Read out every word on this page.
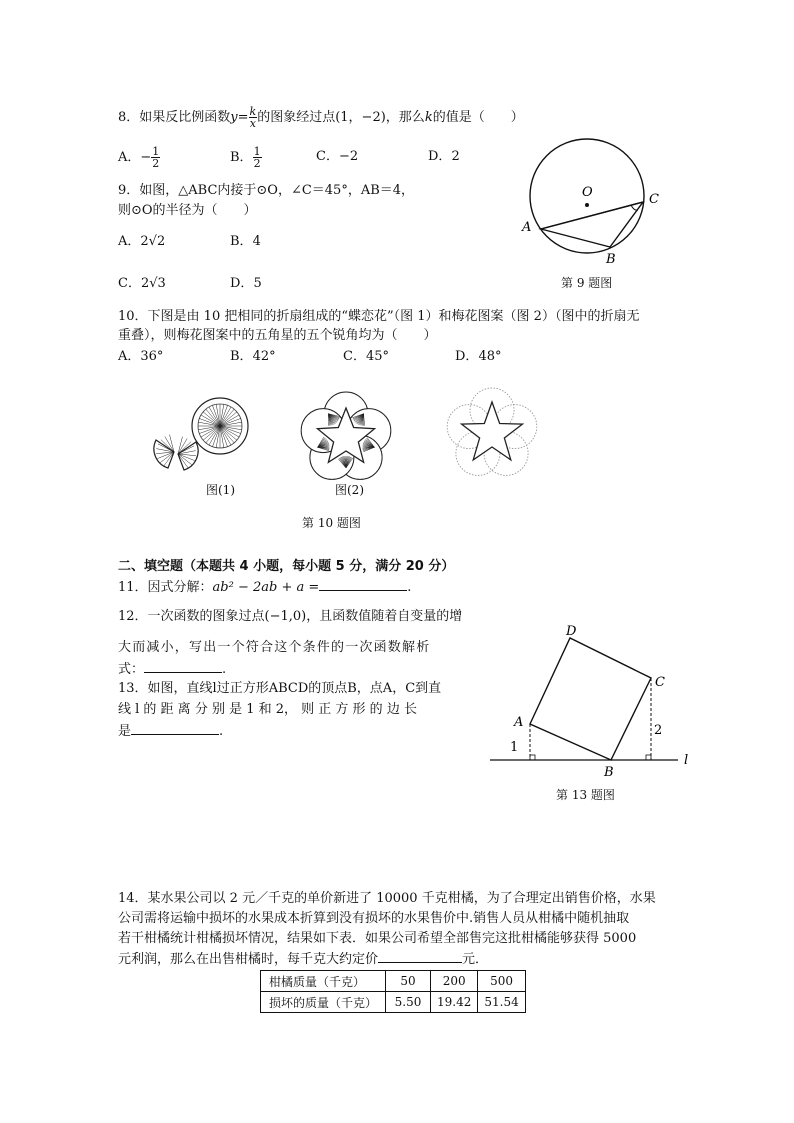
8．如果反比例函数$y= \frac{k}{x}$ 的图象经过点(1，−2)，那么k的值是（　　）
A．− $\frac{1}{2}$	B． $\frac{1}{2}$	C．−2	D．2
9．如图，△ABC内接于⊙O，∠C＝45°，AB＝4，
则⊙O的半径为（　　）
A．2√2	B．4
C．2√3	D．5
O
A
B
C
第 9 题图
10．下图是由 10 把相同的折扇组成的“蝶恋花”（图 1）和梅花图案（图 2）（图中的折扇无
重叠），则梅花图案中的五角星的五个锐角均为（　　）
A．36°	B．42°	C．45°	D．48°
图(1)	图(2)
第 10 题图
二、填空题（本题共 4 小题，每小题 5 分，满分 20 分）
11．因式分解：ab² − 2ab + a =	.
12．一次函数的图象过点(−1,0)，且函数值随着自变量的增
大而减小，写出一个符合这个条件的一次函数解析
式：	.
13．如图，直线l过正方形ABCD的顶点B，点A，C到直
线 l 的 距 离 分 别 是 1 和 2， 则 正 方 形 的 边 长
是	.
D
C
A
B
l
1
2
第 13 题图
14．某水果公司以 2 元／千克的单价新进了 10000 千克柑橘，为了合理定出销售价格，水果
公司需将运输中损坏的水果成本折算到没有损坏的水果售价中.销售人员从柑橘中随机抽取
若干柑橘统计柑橘损坏情况，结果如下表．如果公司希望全部售完这批柑橘能够获得 5000
元利润，那么在出售柑橘时，每千克大约定价	元．
柑橘质量（千克）	50	200	500
损坏的质量（千克）	5.50	19.42	51.54
